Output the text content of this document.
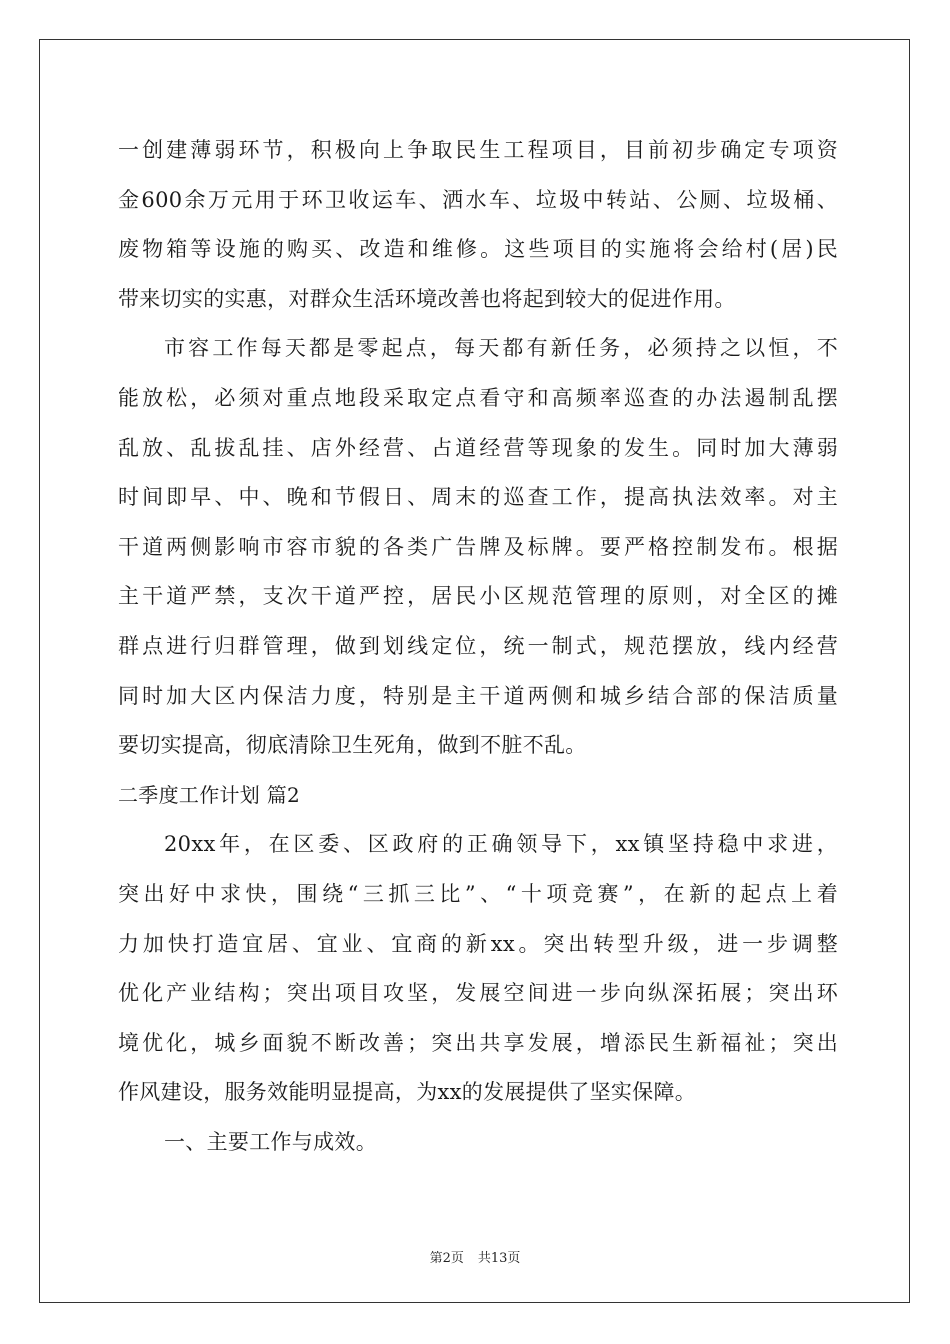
一创建薄弱环节，积极向上争取民生工程项目，目前初步确定专项资
金600余万元用于环卫收运车、洒水车、垃圾中转站、公厕、垃圾桶、
废物箱等设施的购买、改造和维修。这些项目的实施将会给村(居)民
带来切实的实惠，对群众生活环境改善也将起到较大的促进作用。
市容工作每天都是零起点，每天都有新任务，必须持之以恒，不
能放松，必须对重点地段采取定点看守和高频率巡查的办法遏制乱摆
乱放、乱拔乱挂、店外经营、占道经营等现象的发生。同时加大薄弱
时间即早、中、晚和节假日、周末的巡查工作，提高执法效率。对主
干道两侧影响市容市貌的各类广告牌及标牌。要严格控制发布。根据
主干道严禁，支次干道严控，居民小区规范管理的原则，对全区的摊
群点进行归群管理，做到划线定位，统一制式，规范摆放，线内经营
同时加大区内保洁力度，特别是主干道两侧和城乡结合部的保洁质量
要切实提高，彻底清除卫生死角，做到不脏不乱。
二季度工作计划 篇2
20xx年，在区委、区政府的正确领导下，xx镇坚持稳中求进，
突出好中求快，围绕“三抓三比”、“十项竞赛”，在新的起点上着
力加快打造宜居、宜业、宜商的新xx。突出转型升级，进一步调整
优化产业结构；突出项目攻坚，发展空间进一步向纵深拓展；突出环
境优化，城乡面貌不断改善；突出共享发展，增添民生新福祉；突出
作风建设，服务效能明显提高，为xx的发展提供了坚实保障。
一、主要工作与成效。
第2页 共13页
